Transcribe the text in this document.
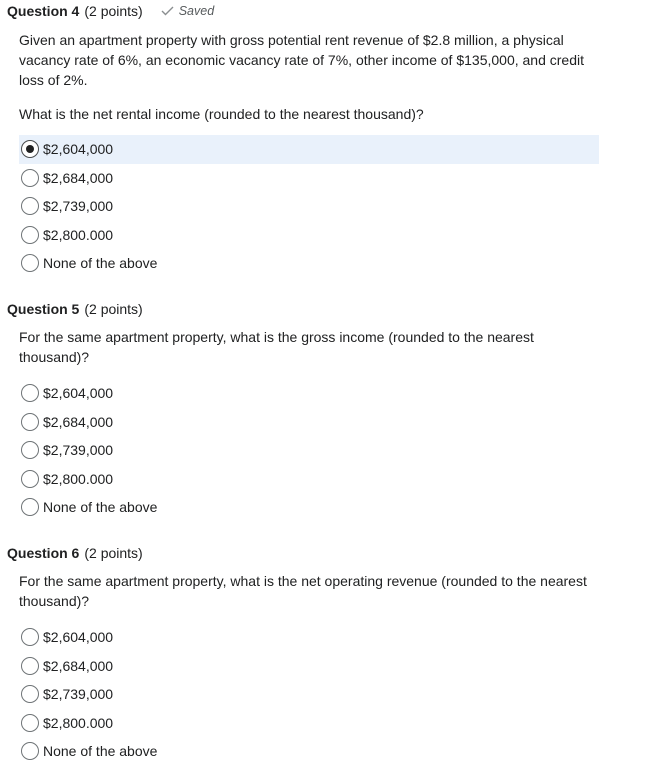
Question 4 (2 points)	Saved
Given an apartment property with gross potential rent revenue of $2.8 million, a physical
vacancy rate of 6%, an economic vacancy rate of 7%, other income of $135,000, and credit
loss of 2%.
What is the net rental income (rounded to the nearest thousand)?
$2,604,000
$2,684,000
$2,739,000
$2,800.000
None of the above
Question 5 (2 points)
For the same apartment property, what is the gross income (rounded to the nearest
thousand)?
$2,604,000
$2,684,000
$2,739,000
$2,800.000
None of the above
Question 6 (2 points)
For the same apartment property, what is the net operating revenue (rounded to the nearest
thousand)?
$2,604,000
$2,684,000
$2,739,000
$2,800.000
None of the above
